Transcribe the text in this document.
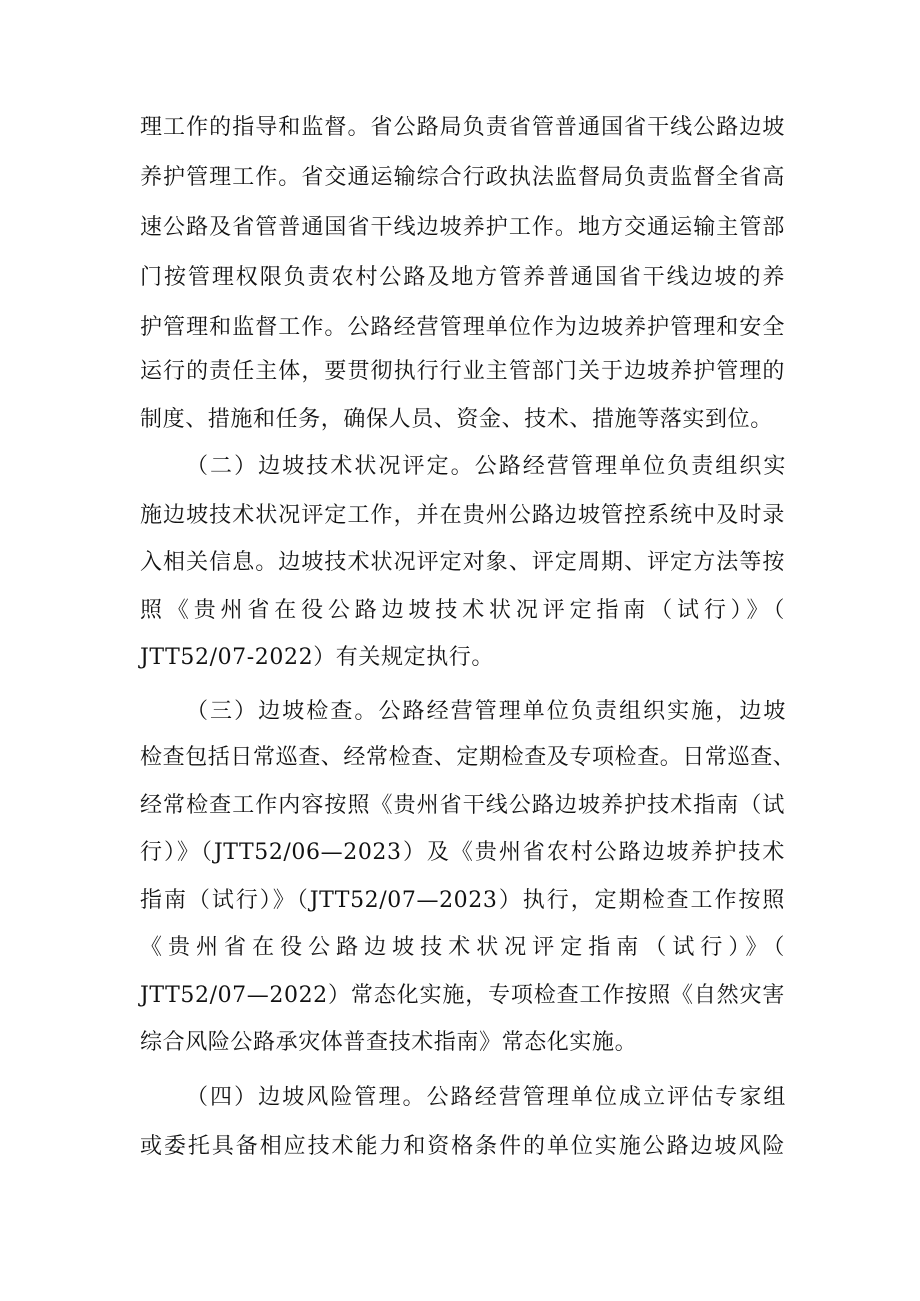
理工作的指导和监督。省公路局负责省管普通国省干线公路边坡
养护管理工作。省交通运输综合行政执法监督局负责监督全省高
速公路及省管普通国省干线边坡养护工作。地方交通运输主管部
门按管理权限负责农村公路及地方管养普通国省干线边坡的养
护管理和监督工作。公路经营管理单位作为边坡养护管理和安全
运行的责任主体，要贯彻执行行业主管部门关于边坡养护管理的
制度、措施和任务，确保人员、资金、技术、措施等落实到位。
（二）边坡技术状况评定。公路经营管理单位负责组织实
施边坡技术状况评定工作，并在贵州公路边坡管控系统中及时录
入相关信息。边坡技术状况评定对象、评定周期、评定方法等按
照《贵州省在役公路边坡技术状况评定指南（试行）》（
JTT52/07-2022）有关规定执行。
（三）边坡检查。公路经营管理单位负责组织实施，边坡
检查包括日常巡查、经常检查、定期检查及专项检查。日常巡查、
经常检查工作内容按照《贵州省干线公路边坡养护技术指南（试
行）》（JTT52/06—2023）及《贵州省农村公路边坡养护技术
指南（试行）》（JTT52/07—2023）执行，定期检查工作按照
《贵州省在役公路边坡技术状况评定指南（试行）》（
JTT52/07—2022）常态化实施，专项检查工作按照《自然灾害
综合风险公路承灾体普查技术指南》常态化实施。
（四）边坡风险管理。公路经营管理单位成立评估专家组
或委托具备相应技术能力和资格条件的单位实施公路边坡风险
